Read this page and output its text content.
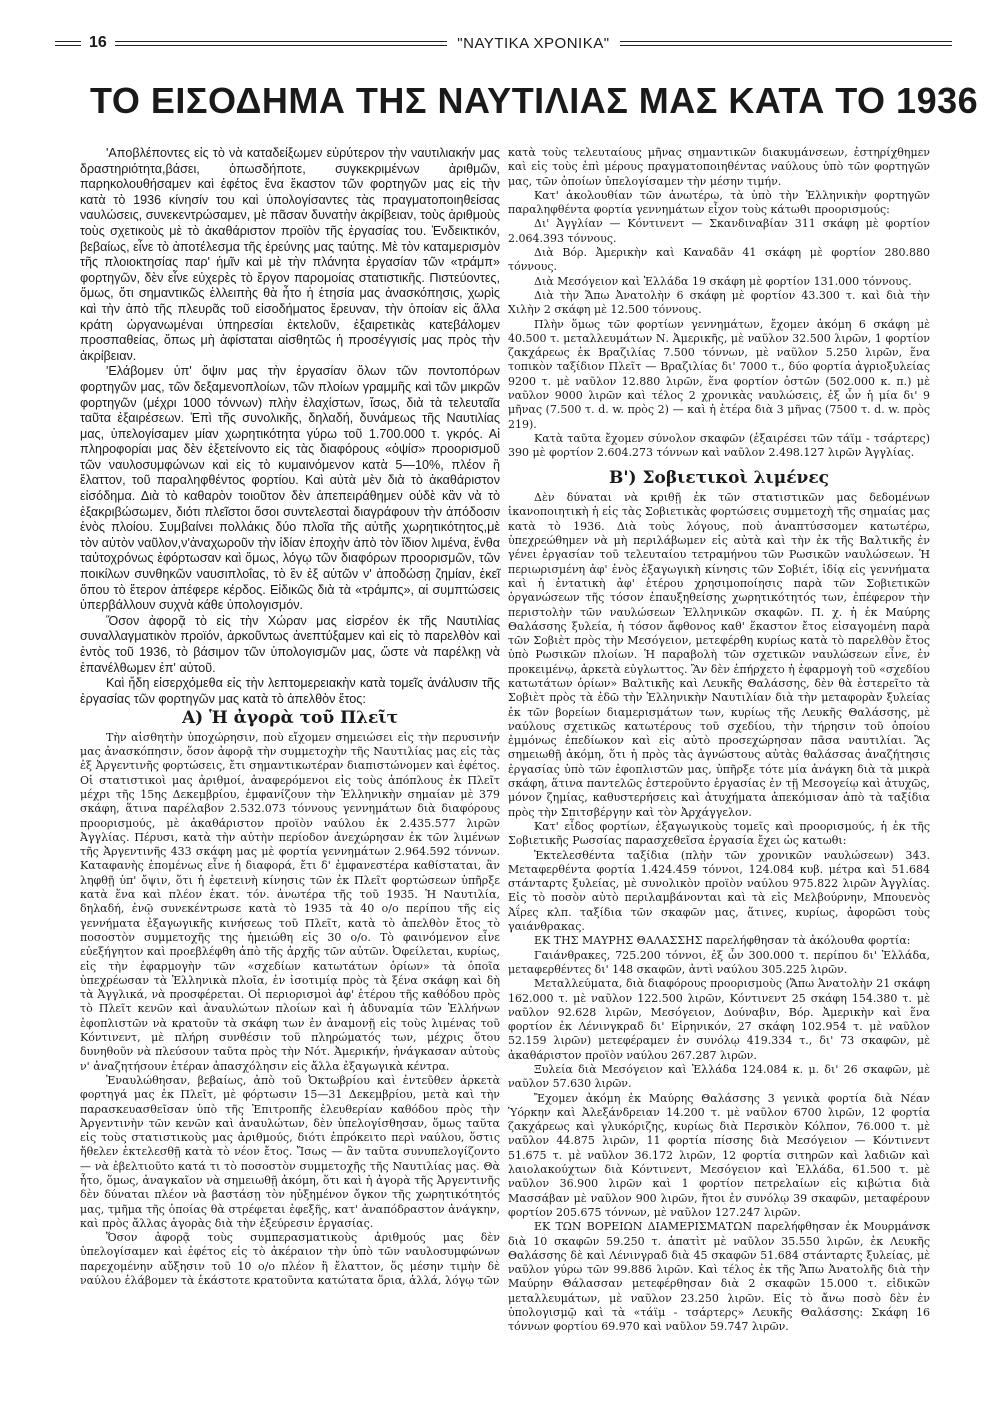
16	"ΝΑΥΤΙΚΑ ΧΡΟΝΙΚΑ"
ΤΟ ΕΙΣΟΔΗΜΑ ΤΗΣ ΝΑΥΤΙΛΙΑΣ ΜΑΣ ΚΑΤΑ ΤΟ 1936

'Αποβλέποντες εἰς τὸ νὰ καταδείξωμεν εὐρύτερον τὴν ναυτιλιακήν μας δραστηριότητα,βάσει, ὁπωσδήποτε, συγκεκριμένων ἀριθμῶν, παρηκολουθήσαμεν καὶ ἐφέτος ἕνα ἕκαστον τῶν φορτηγῶν μας εἰς τὴν κατὰ τὸ 1936 κίνησίν του καὶ ὑπολογίσαντες τὰς πραγματοποιηθείσας ναυλώσεις, συνεκεντρώσαμεν, μὲ πᾶσαν δυνατὴν ἀκρίβειαν, τοὺς ἀριθμοὺς τοὺς σχετικοὺς μὲ τὸ ἀκαθάριστον προϊὸν τῆς ἐργασίας του. Ἐνδεικτικόν, βεβαίως, εἶνε τὸ ἀποτέλεσμα τῆς ἐρεύνης μας ταύτης. Μὲ τὸν καταμερισμὸν τῆς πλοιοκτησίας παρ' ἡμῖν καὶ μὲ τὴν πλάνητα ἐργασίαν τῶν «τράμπ» φορτηγῶν, δὲν εἶνε εὐχερὲς τὸ ἔργον παρομοίας στατιστικῆς. Πιστεύοντες, ὅμως, ὅτι σημαντικῶς ἐλλειπὴς θὰ ἦτο ἡ ἐτησία μας ἀνασκόπησις, χωρὶς καὶ τὴν ἀπὸ τῆς πλευρᾶς τοῦ εἰσοδήματος ἔρευναν, τὴν ὁποίαν εἰς ἄλλα κράτη ὡργανωμέναι ὑπηρεσίαι ἐκτελοῦν, ἐξαιρετικὰς κατεβάλομεν προσπαθείας, ὅπως μὴ ἀφίσταται αἰσθητῶς ἡ προσέγγισίς μας πρὸς τὴν ἀκρίβειαν.

'Ελάβομεν ὑπ' ὄψιν μας τὴν ἐργασίαν ὅλων τῶν ποντοπόρων φορτηγῶν μας, τῶν δεξαμενοπλοίων, τῶν πλοίων γραμμῆς καὶ τῶν μικρῶν φορτηγῶν (μέχρι 1000 τόννων) πλὴν ἐλαχίστων, ἴσως, διὰ τὰ τελευταῖα ταῦτα ἐξαιρέσεων. Ἐπὶ τῆς συνολικῆς, δηλαδή, δυνάμεως τῆς Ναυτιλίας μας, ὑπελογίσαμεν μίαν χωρητικότητα γύρω τοῦ 1.700.000 τ. γκρός. Αἱ πληροφορίαι μας δὲν ἐξετείνοντο εἰς τὰς διαφόρους «ὀψίσ» προορισμοῦ τῶν ναυλοσυμφώνων καὶ εἰς τὸ κυμαινόμενον κατὰ 5—10%, πλέον ἢ ἔλαττον, τοῦ παραληφθέντος φορτίου. Καὶ αὐτὰ μὲν διὰ τὸ ἀκαθάριστον εἰσόδημα. Διὰ τὸ καθαρὸν τοιοῦτον δὲν ἀπεπειράθημεν οὐδὲ κἂν νὰ τὸ ἐξακριβώσωμεν, διότι πλεῖστοι ὅσοι συντελεσταὶ διαγράφουν τὴν ἀπόδοσιν ἑνὸς πλοίου. Συμβαίνει πολλάκις δύο πλοῖα τῆς αὐτῆς χωρητικότητος,μὲ τὸν αὐτὸν ναῦλον,ν'ἀναχωροῦν τὴν ἰδίαν ἐποχὴν ἀπὸ τὸν ἴδιον λιμένα, ἔνθα ταὐτοχρόνως ἐφόρτωσαν καὶ ὅμως, λόγῳ τῶν διαφόρων προορισμῶν, τῶν ποικίλων συνθηκῶν ναυσιπλοΐας, τὸ ἓν ἐξ αὐτῶν ν' ἀποδώσῃ ζημίαν, ἐκεῖ ὅπου τὸ ἕτερον ἀπέφερε κέρδος. Εἰδικῶς διὰ τὰ «τράμπς», αἱ συμπτώσεις ὑπερβάλλουν συχνὰ κάθε ὑπολογισμόν.

Ὅσον ἀφορᾷ τὸ εἰς τὴν Χώραν μας εἰσρέον ἐκ τῆς Ναυτιλίας συναλλαγματικὸν προϊόν, ἀρκοῦντως ἀνεπτύξαμεν καὶ εἰς τὸ παρελθὸν καὶ ἐντὸς τοῦ 1936, τὸ βάσιμον τῶν ὑπολογισμῶν μας, ὥστε νὰ παρέλκῃ νὰ ἐπανέλθωμεν ἐπ' αὐτοῦ.

Καὶ ἤδη εἰσερχόμεθα εἰς τὴν λεπτομερειακὴν κατὰ τομεῖς ἀνάλυσιν τῆς ἐργασίας τῶν φορτηγῶν μας κατὰ τὸ ἀπελθὸν ἔτος:

Α) Ἡ ἀγορὰ τοῦ Πλεῖτ

Τὴν αἰσθητὴν ὑποχώρησιν, ποὺ εἴχομεν σημειώσει εἰς τὴν περυσινήν μας ἀνασκόπησιν, ὅσον ἀφορᾷ τὴν συμμετοχὴν τῆς Ναυτιλίας μας εἰς τὰς ἐξ Ἀργεντινῆς φορτώσεις, ἔτι σημαντικωτέραν διαπιστώνομεν καὶ ἐφέτος. Οἱ στατιστικοὶ μας ἀριθμοί, ἀναφερόμενοι εἰς τοὺς ἀπόπλους ἐκ Πλεῖτ μέχρι τῆς 15ης Δεκεμβρίου, ἐμφανίζουν τὴν Ἑλληνικὴν σημαίαν μὲ 379 σκάφη, ἅτινα παρέλαβον 2.532.073 τόννους γεννημάτων διὰ διαφόρους προορισμούς, μὲ ἀκαθάριστον προϊὸν ναύλου ἐκ 2.435.577 λιρῶν Ἀγγλίας. Πέρυσι, κατὰ τὴν αὐτὴν περίοδον ἀνεχώρησαν ἐκ τῶν λιμένων τῆς Ἀργεντινῆς 433 σκάφη μας μὲ φορτία γεννημάτων 2.964.592 τόννων. Καταφανὴς ἑπομένως εἶνε ἡ διαφορά, ἔτι δ' ἐμφανεστέρα καθίσταται, ἂν ληφθῇ ὑπ' ὄψιν, ὅτι ἡ ἐφετεινὴ κίνησις τῶν ἐκ Πλεῖτ φορτώσεων ὑπῆρξε κατὰ ἕνα καὶ πλέον ἑκατ. τόν. ἀνωτέρα τῆς τοῦ 1935. Ἡ Ναυτιλία, δηλαδή, ἐνῷ συνεκέντρωσε κατὰ τὸ 1935 τὰ 40 ο/ο περίπου τῆς εἰς γεννήματα ἐξαγωγικῆς κινήσεως τοῦ Πλεῖτ, κατὰ τὸ ἀπελθὸν ἔτος τὸ ποσοστὸν συμμετοχῆς της ἠμειώθη εἰς 30 ο/ο. Τὸ φαινόμενον εἶνε εὐεξήγητον καὶ προεβλέφθη ἀπὸ τῆς ἀρχῆς τῶν αὐτῶν. Ὀφείλεται, κυρίως, εἰς τὴν ἐφαρμογὴν τῶν «σχεδίων κατωτάτων ὁρίων» τὰ ὁποῖα ὑπεχρέωσαν τὰ Ἑλληνικὰ πλοῖα, ἐν ἰσοτιμίᾳ πρὸς τὰ ξένα σκάφη καὶ δὴ τὰ Ἀγγλικά, νὰ προσφέρεται. Οἱ περιορισμοὶ ἀφ' ἑτέρου τῆς καθόδου πρὸς τὸ Πλεῖτ κενῶν καὶ ἀναυλώτων πλοίων καὶ ἡ ἀδυναμία τῶν Ἑλλήνων ἐφοπλιστῶν νὰ κρατοῦν τὰ σκάφη των ἐν ἀναμονῇ εἰς τοὺς λιμένας τοῦ Κόντινεντ, μὲ πλήρη συνθέσιν τοῦ πληρώματός των, μέχρις ὅτου δυνηθοῦν νὰ πλεύσουν ταῦτα πρὸς τὴν Νότ. Ἀμερικήν, ἠνάγκασαν αὐτοὺς ν' ἀναζητήσουν ἑτέραν ἀπασχόλησιν εἰς ἄλλα ἐξαγωγικὰ κέντρα.

Ἐναυλώθησαν, βεβαίως, ἀπὸ τοῦ Ὀκτωβρίου καὶ ἐντεῦθεν ἀρκετὰ φορτηγά μας ἐκ Πλεῖτ, μὲ φόρτωσιν 15—31 Δεκεμβρίου, μετὰ καὶ τὴν παρασκευασθεῖσαν ὑπὸ τῆς Ἐπιτροπῆς ἐλευθερίαν καθόδου πρὸς τὴν Ἀργεντινὴν τῶν κενῶν καὶ ἀναυλώτων, δὲν ὑπελογίσθησαν, ὅμως ταῦτα εἰς τοὺς στατιστικοὺς μας ἀριθμούς, διότι ἐπρόκειτο περὶ ναύλου, ὅστις ἤθελεν ἐκτελεσθῇ κατὰ τὸ νέον ἔτος. Ἴσως — ἂν ταῦτα συνυπελογίζοντο — νὰ ἐβελτιοῦτο κατά τι τὸ ποσοστὸν συμμετοχῆς τῆς Ναυτιλίας μας. Θὰ ἦτο, ὅμως, ἀναγκαῖον νὰ σημειωθῇ ἀκόμη, ὅτι καὶ ἡ ἀγορὰ τῆς Ἀργεντινῆς δὲν δύναται πλέον νὰ βαστάσῃ τὸν ηὐξημένον ὄγκον τῆς χωρητικότητός μας, τμῆμα τῆς ὁποίας θὰ στρέφεται ἐφεξῆς, κατ' ἀναπόδραστον ἀνάγκην, καὶ πρὸς ἄλλας ἀγορὰς διὰ τὴν ἐξεύρεσιν ἐργασίας.

Ὅσον ἀφορᾷ τοὺς συμπερασματικοὺς ἀριθμούς μας δὲν ὑπελογίσαμεν καὶ ἐφέτος εἰς τὸ ἀκέραιον τὴν ὑπὸ τῶν ναυλοσυμφώνων παρεχομένην αὔξησιν τοῦ 10 ο/ο πλέον ἢ ἔλαττον, ὅς μέσην τιμὴν δὲ ναύλου ἐλάβομεν τὰ ἑκάστοτε κρατοῦντα κατώτατα ὅρια, ἀλλά, λόγῳ τῶν

κατὰ τοὺς τελευταίους μῆνας σημαντικῶν διακυμάνσεων, ἐστηρίχθημεν καὶ εἰς τοὺς ἐπὶ μέρους πραγματοποιηθέντας ναύλους ὑπὸ τῶν φορτηγῶν μας, τῶν ὁποίων ὑπελογίσαμεν τὴν μέσην τιμήν.

Κατ' ἀκολουθίαν τῶν ἀνωτέρω, τὰ ὑπὸ τὴν Ἑλληνικὴν φορτηγῶν παραληφθέντα φορτία γεννημάτων εἶχον τοὺς κάτωθι προορισμούς:

Δι' Ἀγγλίαν — Κόντινεντ — Σκανδιναβίαν 311 σκάφη μὲ φορτίον 2.064.393 τόννους.

Διὰ Βόρ. Ἀμερικὴν καὶ Καναδᾶν 41 σκάφη μὲ φορτίον 280.880 τόννους.

Διὰ Μεσόγειον καὶ Ἑλλάδα 19 σκάφη μὲ φορτίον 131.000 τόννους.

Διὰ τὴν Ἄπω Ἀνατολὴν 6 σκάφη μὲ φορτίον 43.300 τ. καὶ διὰ τὴν Χιλὴν 2 σκάφη μὲ 12.500 τόννους.

Πλὴν ὅμως τῶν φορτίων γεννημάτων, ἔχομεν ἀκόμη 6 σκάφη μὲ 40.500 τ. μεταλλευμάτων Ν. Ἀμερικῆς, μὲ ναῦλον 32.500 λιρῶν, 1 φορτίον ζακχάρεως ἐκ Βραζιλίας 7.500 τόννων, μὲ ναῦλον 5.250 λιρῶν, ἕνα τοπικὸν ταξίδιον Πλεῖτ — Βραζιλίας δι' 7000 τ., δύο φορτία ἀγριοξυλείας 9200 τ. μὲ ναῦλον 12.880 λιρῶν, ἕνα φορτίον ὀστῶν (502.000 κ. π.) μὲ ναῦλον 9000 λιρῶν καὶ τέλος 2 χρονικὰς ναυλώσεις, ἐξ ὧν ἡ μία δι' 9 μῆνας (7.500 τ. d. w. πρὸς 2) — καὶ ἡ ἑτέρα διὰ 3 μῆνας (7500 τ. d. w. πρὸς 219).

Κατὰ ταῦτα ἔχομεν σύνολον σκαφῶν (ἐξαιρέσει τῶν τάϊμ - τσάρτερς) 390 μὲ φορτίον 2.604.273 τόννων καὶ ναῦλον 2.498.127 λιρῶν Ἀγγλίας.

Β') Σοβιετικοὶ λιμένες

Δὲν δύναται νὰ κριθῇ ἐκ τῶν στατιστικῶν μας δεδομένων ἱκανοποιητικὴ ἡ εἰς τὰς Σοβιετικὰς φορτώσεις συμμετοχὴ τῆς σημαίας μας κατὰ τὸ 1936. Διὰ τοὺς λόγους, ποὺ ἀναπτύσσομεν κατωτέρω, ὑπεχρεώθημεν νὰ μὴ περιλάβωμεν εἰς αὐτὰ καὶ τὴν ἐκ τῆς Βαλτικῆς ἐν γένει ἐργασίαν τοῦ τελευταίου τετραμήνου τῶν Ρωσικῶν ναυλώσεων. Ἡ περιωρισμένη ἀφ' ἑνὸς ἐξαγωγικὴ κίνησις τῶν Σοβιέτ, ἰδίᾳ εἰς γεννήματα καὶ ἡ ἐντατικὴ ἀφ' ἑτέρου χρησιμοποίησις παρὰ τῶν Σοβιετικῶν ὀργανώσεων τῆς τόσον ἐπαυξηθείσης χωρητικότητός των, ἐπέφερον τὴν περιστολὴν τῶν ναυλώσεων Ἑλληνικῶν σκαφῶν. Π. χ. ἡ ἐκ Μαύρης Θαλάσσης ξυλεία, ἡ τόσον ἄφθονος καθ' ἕκαστον ἔτος εἰσαγομένη παρὰ τῶν Σοβιὲτ πρὸς τὴν Μεσόγειον, μετεφέρθη κυρίως κατὰ τὸ παρελθὸν ἔτος ὑπὸ Ρωσικῶν πλοίων. Ἡ παραβολὴ τῶν σχετικῶν ναυλώσεων εἶνε, ἐν προκειμένῳ, ἀρκετὰ εὐγλωττος. Ἂν δὲν ἐπήρχετο ἡ ἐφαρμογὴ τοῦ «σχεδίου κατωτάτων ὁρίων» Βαλτικῆς καὶ Λευκῆς Θαλάσσης, δὲν θὰ ἐστερεῖτο τὰ Σοβιὲτ πρὸς τὰ ἐδῶ τὴν Ἑλληνικὴν Ναυτιλίαν διὰ τὴν μεταφορὰν ξυλείας ἐκ τῶν βορείων διαμερισμάτων των, κυρίως τῆς Λευκῆς Θαλάσσης, μὲ ναύλους σχετικῶς κατωτέρους τοῦ σχεδίου, τὴν τήρησιν τοῦ ὁποίου ἐμμόνως ἐπεδίωκον καὶ εἰς αὐτὸ προσεχώρησαν πᾶσα ναυτιλίαι. Ἂς σημειωθῇ ἀκόμη, ὅτι ἡ πρὸς τὰς ἀγνώστους αὐτὰς θαλάσσας ἀναζήτησις ἐργασίας ὑπὸ τῶν ἐφοπλιστῶν μας, ὑπῆρξε τότε μία ἀνάγκη διὰ τὰ μικρὰ σκάφη, ἅτινα παντελῶς ἐστεροῦντο ἐργασίας ἐν τῇ Μεσογείῳ καὶ ἀτυχῶς, μόνον ζημίας, καθυστερήσεις καὶ ἀτυχήματα ἀπεκόμισαν ἀπὸ τὰ ταξίδια πρὸς τὴν Σπιτσβέργην καὶ τὸν Ἀρχάγγελον.

Κατ' εἶδος φορτίων, ἐξαγωγικοὺς τομεῖς καὶ προορισμούς, ἡ ἐκ τῆς Σοβιετικῆς Ρωσσίας παρασχεθεῖσα ἐργασία ἔχει ὡς κατωθι:

Ἐκτελεσθέντα ταξίδια (πλὴν τῶν χρονικῶν ναυλώσεων) 343. Μεταφερθέντα φορτία 1.424.459 τόννοι, 124.084 κυβ. μέτρα καὶ 51.684 στάνταρτς ξυλείας, μὲ συνολικὸν προϊὸν ναύλου 975.822 λιρῶν Ἀγγλίας. Εἰς τὸ ποσὸν αὐτὸ περιλαμβάνονται καὶ τὰ εἰς Μελβούρνην, Μπουενὸς Ἀΐρες κλπ. ταξίδια τῶν σκαφῶν μας, ἅτινες, κυρίως, ἀφορῶσι τοὺς γαιάνθρακας.

ΕΚ ΤΗΣ ΜΑΥΡΗΣ ΘΑΛΑΣΣΗΣ παρελήφθησαν τὰ ἀκόλουθα φορτία:

Γαιάνθρακες, 725.200 τόννοι, ἐξ ὧν 300.000 τ. περίπου δι' Ἑλλάδα, μεταφερθέντες δι' 148 σκαφῶν, ἀντὶ ναύλου 305.225 λιρῶν.

Μεταλλεύματα, διὰ διαφόρους προορισμοὺς (Ἄπω Ἀνατολὴν 21 σκάφη 162.000 τ. μὲ ναῦλον 122.500 λιρῶν, Κόντινεντ 25 σκάφη 154.380 τ. μὲ ναῦλον 92.628 λιρῶν, Μεσόγειον, Δούναβιν, Βόρ. Ἀμερικὴν καὶ ἕνα φορτίον ἐκ Λένινγκραδ δι' Εἰρηνικόν, 27 σκάφη 102.954 τ. μὲ ναῦλον 52.159 λιρῶν) μετεφέραμεν ἐν συνόλῳ 419.334 τ., δι' 73 σκαφῶν, μὲ ἀκαθάριστον προϊὸν ναύλου 267.287 λιρῶν.

Ξυλεία διὰ Μεσόγειον καὶ Ἑλλάδα 124.084 κ. μ. δι' 26 σκαφῶν, μὲ ναῦλον 57.630 λιρῶν.

Ἔχομεν ἀκόμη ἐκ Μαύρης Θαλάσσης 3 γενικὰ φορτία διὰ Νέαν Ὑόρκην καὶ Ἀλεξάνδρειαν 14.200 τ. μὲ ναῦλον 6700 λιρῶν, 12 φορτία ζακχάρεως καὶ γλυκόριζης, κυρίως διὰ Περσικὸν Κόλπον, 76.000 τ. μὲ ναῦλον 44.875 λιρῶν, 11 φορτία πίσσης διὰ Μεσόγειον — Κόντινεντ 51.675 τ. μὲ ναῦλον 36.172 λιρῶν, 12 φορτία σιτηρῶν καὶ λαδιῶν καὶ λαιολακούχτων διὰ Κόντινεντ, Μεσόγειον καὶ Ἑλλάδα, 61.500 τ. μὲ ναῦλον 36.900 λιρῶν καὶ 1 φορτίον πετρελαίων εἰς κιβώτια διὰ Μασσάβαν μὲ ναῦλον 900 λιρῶν, ἤτοι ἐν συνόλῳ 39 σκαφῶν, μεταφέρουν φορτίον 205.675 τόννων, μὲ ναῦλον 127.247 λιρῶν.

ΕΚ ΤΩΝ ΒΟΡΕΙΩΝ ΔΙΑΜΕΡΙΣΜΑΤΩΝ παρελήφθησαν ἐκ Μουρμάνσκ διὰ 10 σκαφῶν 59.250 τ. ἀπατὶτ μὲ ναῦλον 35.550 λιρῶν, ἐκ Λευκῆς Θαλάσσης δὲ καὶ Λένινγραδ διὰ 45 σκαφῶν 51.684 στάνταρτς ξυλείας, μὲ ναῦλον γύρω τῶν 99.886 λιρῶν. Καὶ τέλος ἐκ τῆς Ἄπω Ἀνατολῆς διὰ τὴν Μαύρην Θάλασσαν μετεφέρθησαν διὰ 2 σκαφῶν 15.000 τ. εἰδικῶν μεταλλευμάτων, μὲ ναῦλον 23.250 λιρῶν. Εἰς τὸ ἄνω ποσὸ δὲν ἐν ὑπολογισμῷ καὶ τὰ «τάϊμ - τσάρτερς» Λευκῆς Θαλάσσης: Σκάφη 16 τόννων φορτίου 69.970 καὶ ναῦλον 59.747 λιρῶν.
